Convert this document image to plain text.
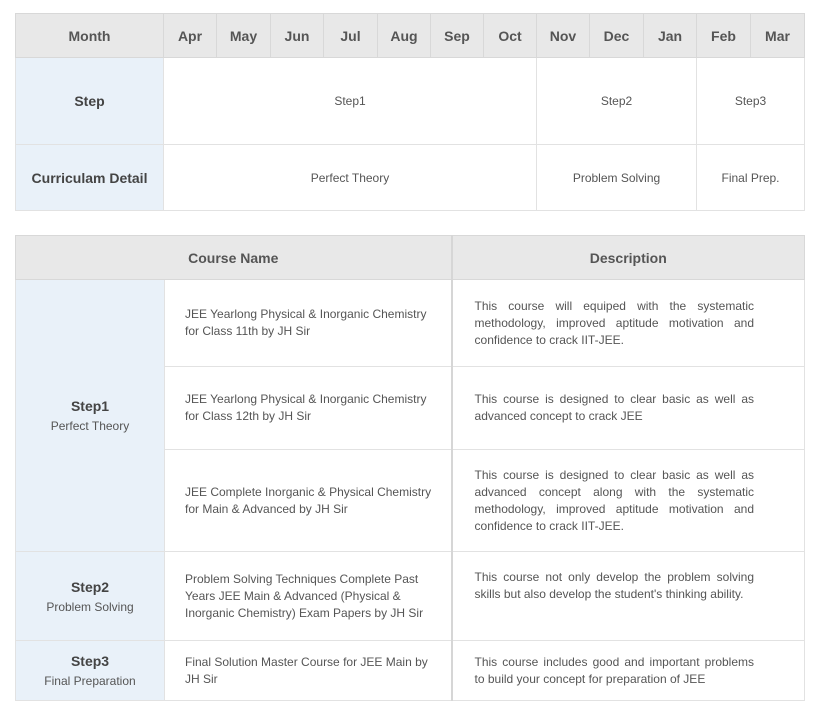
Month	Apr	May	Jun	Jul	Aug	Sep	Oct	Nov	Dec	Jan	Feb	Mar
Step	Step1							Step2			Step3	
Curriculam Detail	Perfect Theory							Problem Solving			Final Prep.	
Course Name		Description

Step1
Perfect Theory	JEE Yearlong Physical & Inorganic Chemistry for Class 11th by JH Sir	This course will equiped with the systematic methodology, improved aptitude motivation and confidence to crack IIT-JEE.
	JEE Yearlong Physical & Inorganic Chemistry for Class 12th by JH Sir	This course is designed to clear basic as well as advanced concept to crack JEE
	JEE Complete Inorganic & Physical Chemistry for Main & Advanced by JH Sir	This course is designed to clear basic as well as advanced concept along with the systematic methodology, improved aptitude motivation and confidence to crack IIT-JEE.

Step2
Problem Solving	Problem Solving Techniques Complete Past Years JEE Main & Advanced (Physical & Inorganic Chemistry) Exam Papers by JH Sir	This course not only develop the problem solving skills but also develop the student's thinking ability.

Step3
Final Preparation	Final Solution Master Course for JEE Main by JH Sir	This course includes good and important problems to build your concept for preparation of JEE
